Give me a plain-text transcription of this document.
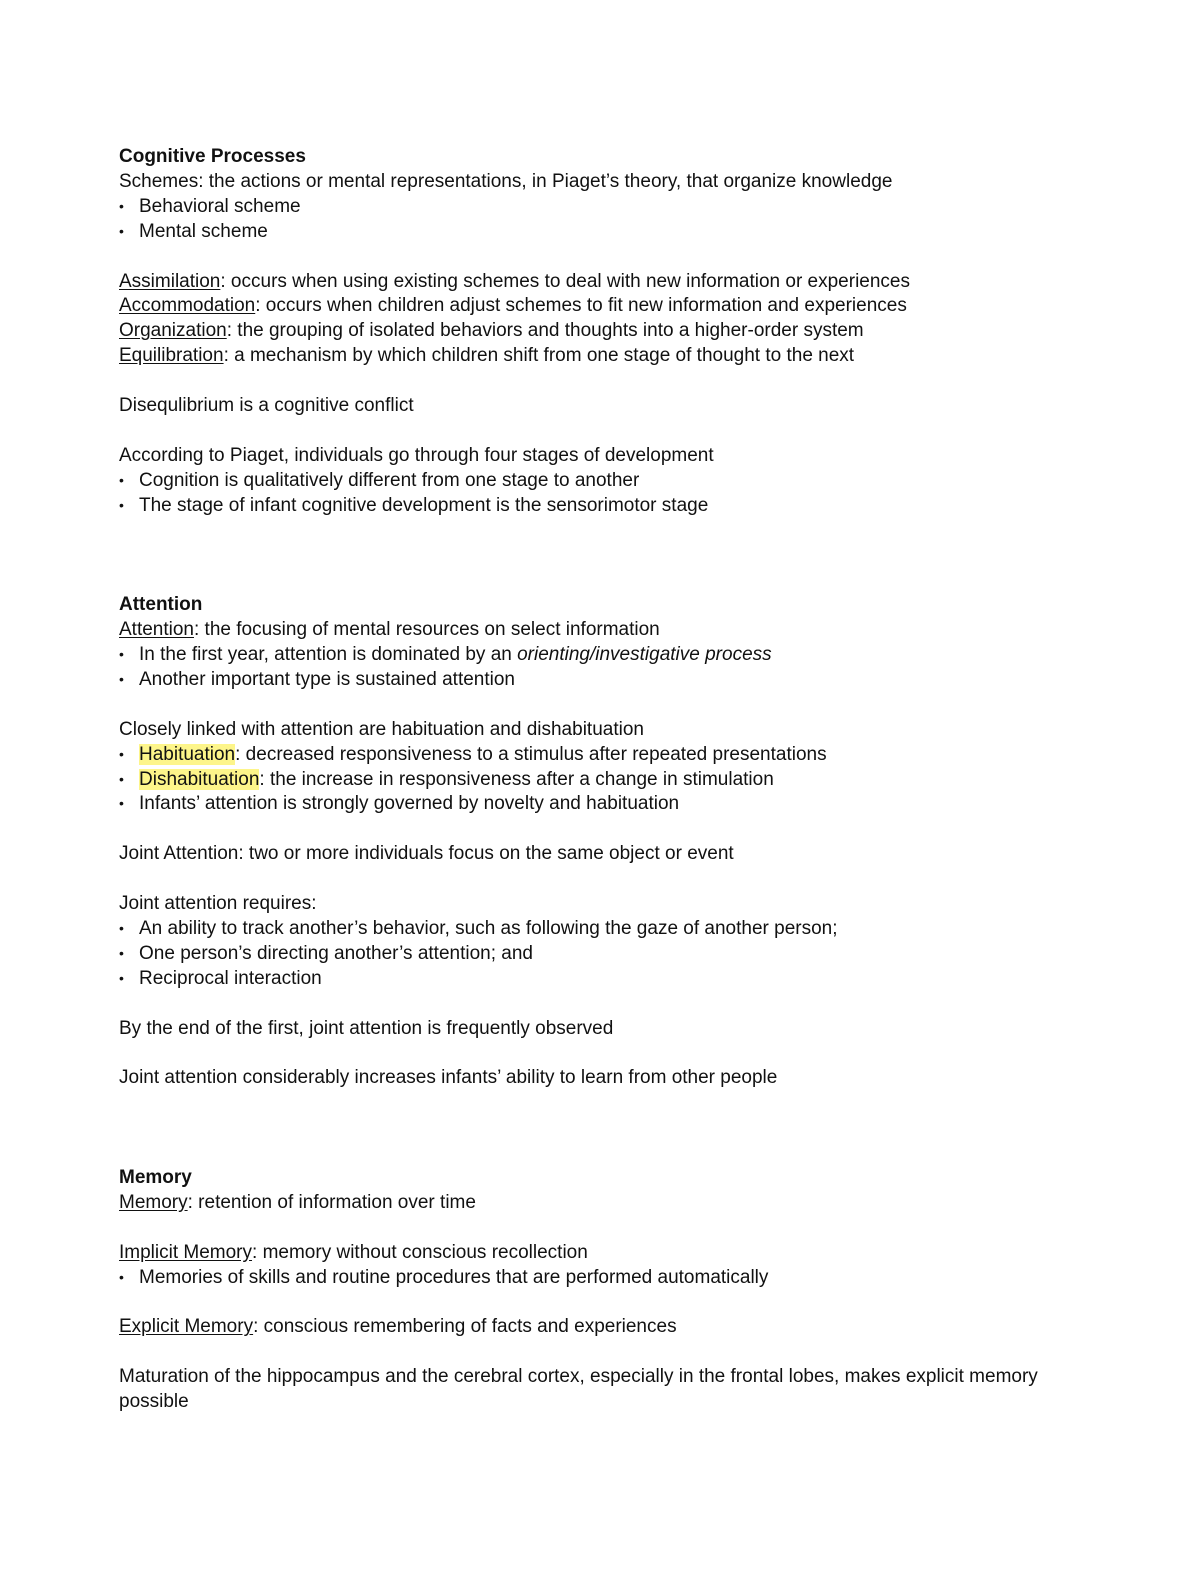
Cognitive Processes
Schemes: the actions or mental representations, in Piaget’s theory, that organize knowledge
• Behavioral scheme
• Mental scheme
Assimilation: occurs when using existing schemes to deal with new information or experiences
Accommodation: occurs when children adjust schemes to fit new information and experiences
Organization: the grouping of isolated behaviors and thoughts into a higher-order system
Equilibration: a mechanism by which children shift from one stage of thought to the next
Disequlibrium is a cognitive conflict
According to Piaget, individuals go through four stages of development
• Cognition is qualitatively different from one stage to another
• The stage of infant cognitive development is the sensorimotor stage
Attention
Attention: the focusing of mental resources on select information
• In the first year, attention is dominated by an orienting/investigative process
• Another important type is sustained attention
Closely linked with attention are habituation and dishabituation
• Habituation: decreased responsiveness to a stimulus after repeated presentations
• Dishabituation: the increase in responsiveness after a change in stimulation
• Infants’ attention is strongly governed by novelty and habituation
Joint Attention: two or more individuals focus on the same object or event
Joint attention requires:
• An ability to track another’s behavior, such as following the gaze of another person;
• One person’s directing another’s attention; and
• Reciprocal interaction
By the end of the first, joint attention is frequently observed
Joint attention considerably increases infants’ ability to learn from other people
Memory
Memory: retention of information over time
Implicit Memory: memory without conscious recollection
• Memories of skills and routine procedures that are performed automatically
Explicit Memory: conscious remembering of facts and experiences
Maturation of the hippocampus and the cerebral cortex, especially in the frontal lobes, makes explicit memory possible
